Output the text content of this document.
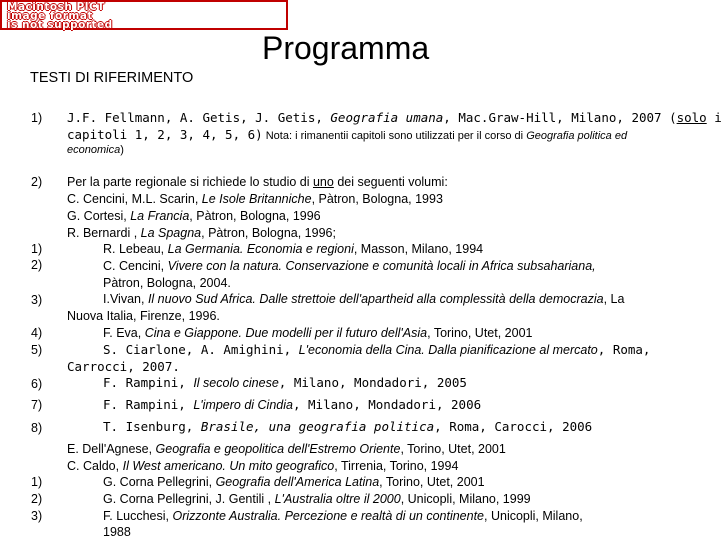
Macintosh PICT
image format
is not supported
Programma
TESTI DI RIFERIMENTO
1) J.F. Fellmann, A. Getis, J. Getis, Geografia umana, Mac.Graw-Hill, Milano, 2007 (solo i
capitoli 1, 2, 3, 4, 5, 6) Nota: i rimanentii capitoli sono utilizzati per il corso di Geografia politica ed
economica)
2) Per la parte regionale si richiede lo studio di uno dei seguenti volumi:
C. Cencini, M.L. Scarin, Le Isole Britanniche, Pàtron, Bologna, 1993
G. Cortesi, La Francia, Pàtron, Bologna, 1996
R. Bernardi , La Spagna, Pàtron, Bologna, 1996;
1)	R. Lebeau, La Germania. Economia e regioni, Masson, Milano, 1994
2)	C. Cencini, Vivere con la natura. Conservazione e comunità locali in Africa subsahariana,
Pàtron, Bologna, 2004.
3)	I.Vivan, Il nuovo Sud Africa. Dalle strettoie dell'apartheid alla complessità della democrazia, La
Nuova Italia, Firenze, 1996.
4)	F. Eva, Cina e Giappone. Due modelli per il futuro dell'Asia, Torino, Utet, 2001
5)	S. Ciarlone, A. Amighini, L'economia della Cina. Dalla pianificazione al mercato, Roma,
Carrocci, 2007.
6)	F. Rampini, Il secolo cinese, Milano, Mondadori, 2005
7)	F. Rampini, L'impero di Cindia, Milano, Mondadori, 2006
8)	T. Isenburg, Brasile, una geografia politica, Roma, Carocci, 2006
E. Dell'Agnese, Geografia e geopolitica dell'Estremo Oriente, Torino, Utet, 2001
C. Caldo, Il West americano. Un mito geografico, Tirrenia, Torino, 1994
1)	G. Corna Pellegrini, Geografia dell'America Latina, Torino, Utet, 2001
2)	G. Corna Pellegrini, J. Gentili , L'Australia oltre il 2000, Unicopli, Milano, 1999
3)	F. Lucchesi, Orizzonte Australia. Percezione e realtà di un continente, Unicopli, Milano,
1988
